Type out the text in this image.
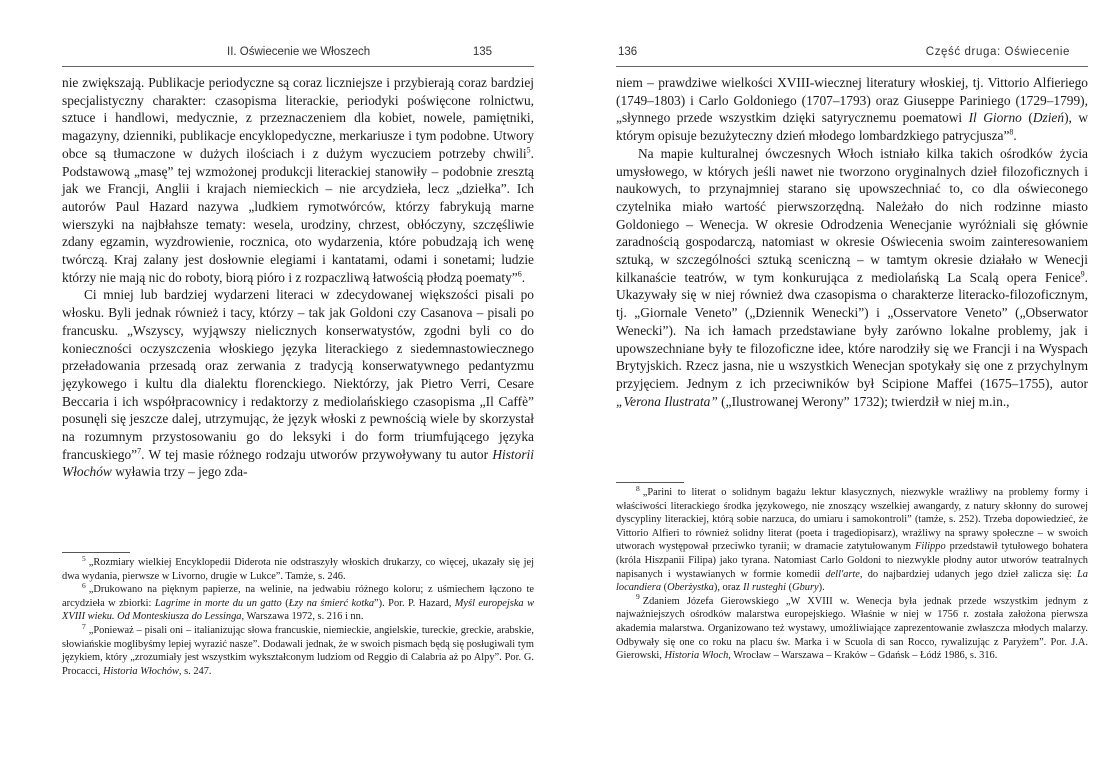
II. Oświecenie we Włoszech	135

nie zwiększają. Publikacje periodyczne są coraz liczniejsze i przybierają coraz bardziej specjalistyczny charakter: czasopisma literackie, periodyki poświęcone rolnictwu, sztuce i handlowi, medycznie, z przeznaczeniem dla kobiet, nowele, pamiętniki, magazyny, dzienniki, publikacje encyklopedyczne, merkariusze i tym podobne. Utwory obce są tłumaczone w dużych ilościach i z dużym wyczuciem potrzeby chwili$^5$. Podstawową „masę” tej wzmożonej produkcji literackiej stanowiły – podobnie zresztą jak we Francji, Anglii i krajach niemieckich – nie arcydzieła, lecz „dziełka”. Ich autorów Paul Hazard nazywa „ludkiem rymotwórców, którzy fabrykują marne wierszyki na najbłahsze tematy: wesela, urodziny, chrzest, obłóczyny, szczęśliwie zdany egzamin, wyzdrowienie, rocznica, oto wydarzenia, które pobudzają ich wenę twórczą. Kraj zalany jest dosłownie elegiami i kantatami, odami i sonetami; ludzie którzy nie mają nic do roboty, biorą pióro i z rozpaczliwą łatwością płodzą poematy”$^6$.

Ci mniej lub bardziej wydarzeni literaci w zdecydowanej większości pisali po włosku. Byli jednak również i tacy, którzy – tak jak Goldoni czy Casanova – pisali po francusku. „Wszyscy, wyjąwszy nielicznych konserwatystów, zgodni byli co do konieczności oczyszczenia włoskiego języka literackiego z siedemnastowiecznego przeładowania przesadą oraz zerwania z tradycją konserwatywnego pedantyzmu językowego i kultu dla dialektu florenckiego. Niektórzy, jak Pietro Verri, Cesare Beccaria i ich współpracownicy i redaktorzy z mediolańskiego czasopisma „Il Caffè” posunęli się jeszcze dalej, utrzymując, że język włoski z pewnością wiele by skorzystał na rozumnym przystosowaniu go do leksyki i do form triumfującego języka francuskiego”$^7$. W tej masie różnego rodzaju utworów przywoływany tu autor Historii Włochów wyławia trzy – jego zda-

$^5$ „Rozmiary wielkiej Encyklopedii Diderota nie odstraszyły włoskich drukarzy, co więcej, ukazały się jej dwa wydania, pierwsze w Livorno, drugie w Lukce”. Tamże, s. 246.

$^6$ „Drukowano na pięknym papierze, na welinie, na jedwabiu różnego koloru; z uśmiechem łączono te arcydzieła w zbiorki: Lagrime in morte du un gatto (Łzy na śmierć kotka”). Por. P. Hazard, Myśl europejska w XVIII wieku. Od Monteskiusza do Lessinga, Warszawa 1972, s. 216 i nn.

$^7$ „Ponieważ – pisali oni – italianizując słowa francuskie, niemieckie, angielskie, tureckie, greckie, arabskie, słowiańskie moglibyśmy lepiej wyrazić nasze”. Dodawali jednak, że w swoich pismach będą się posługiwali tym językiem, który „zrozumiały jest wszystkim wykształconym ludziom od Reggio di Calabria aż po Alpy”. Por. G. Procacci, Historia Włochów, s. 247.

136	Część druga: Oświecenie

niem – prawdziwe wielkości XVIII-wiecznej literatury włoskiej, tj. Vittorio Alfieriego (1749–1803) i Carlo Goldoniego (1707–1793) oraz Giuseppe Pariniego (1729–1799), „słynnego przede wszystkim dzięki satyrycznemu poematowi Il Giorno (Dzień), w którym opisuje bezużyteczny dzień młodego lombardzkiego patrycjusza”$^8$.

Na mapie kulturalnej ówczesnych Włoch istniało kilka takich ośrodków życia umysłowego, w których jeśli nawet nie tworzono oryginalnych dzieł filozoficznych i naukowych, to przynajmniej starano się upowszechniać to, co dla oświeconego czytelnika miało wartość pierwszorzędną. Należało do nich rodzinne miasto Goldoniego – Wenecja. W okresie Odrodzenia Wenecjanie wyróżniali się głównie zaradnością gospodarczą, natomiast w okresie Oświecenia swoim zainteresowaniem sztuką, w szczególności sztuką sceniczną – w tamtym okresie działało w Wenecji kilkanaście teatrów, w tym konkurująca z mediolańską La Scalą opera Fenice$^9$. Ukazywały się w niej również dwa czasopisma o charakterze literacko-filozoficznym, tj. „Giornale Veneto” („Dziennik Wenecki”) i „Osservatore Veneto” („Obserwator Wenecki”). Na ich łamach przedstawiane były zarówno lokalne problemy, jak i upowszechniane były te filozoficzne idee, które narodziły się we Francji i na Wyspach Brytyjskich. Rzecz jasna, nie u wszystkich Wenecjan spotykały się one z przychylnym przyjęciem. Jednym z ich przeciwników był Scipione Maffei (1675–1755), autor „Verona Ilustrata” („Ilustrowanej Werony” 1732); twierdził w niej m.in.,

$^8$ „Parini to literat o solidnym bagażu lektur klasycznych, niezwykle wrażliwy na problemy formy i właściwości literackiego środka językowego, nie znoszący wszelkiej awangardy, z natury skłonny do surowej dyscypliny literackiej, którą sobie narzuca, do umiaru i samokontroli” (tamże, s. 252). Trzeba dopowiedzieć, że Vittorio Alfieri to również solidny literat (poeta i tragediopisarz), wrażliwy na sprawy społeczne – w swoich utworach występował przeciwko tyranii; w dramacie zatytułowanym Filippo przedstawił tytułowego bohatera (króla Hiszpanii Filipa) jako tyrana. Natomiast Carlo Goldoni to niezwykle płodny autor utworów teatralnych napisanych i wystawianych w formie komedii dell'arte, do najbardziej udanych jego dzieł zalicza się: La locandiera (Oberżystka), oraz Il rusteghi (Gbury).

$^9$ Zdaniem Józefa Gierowskiego „W XVIII w. Wenecja była jednak przede wszystkim jednym z najważniejszych ośrodków malarstwa europejskiego. Właśnie w niej w 1756 r. została założona pierwsza akademia malarstwa. Organizowano też wystawy, umożliwiające zaprezentowanie zwłaszcza młodych malarzy. Odbywały się one co roku na placu św. Marka i w Scuola di san Rocco, rywalizując z Paryżem”. Por. J.A. Gierowski, Historia Włoch, Wrocław – Warszawa – Kraków – Gdańsk – Łódź 1986, s. 316.
